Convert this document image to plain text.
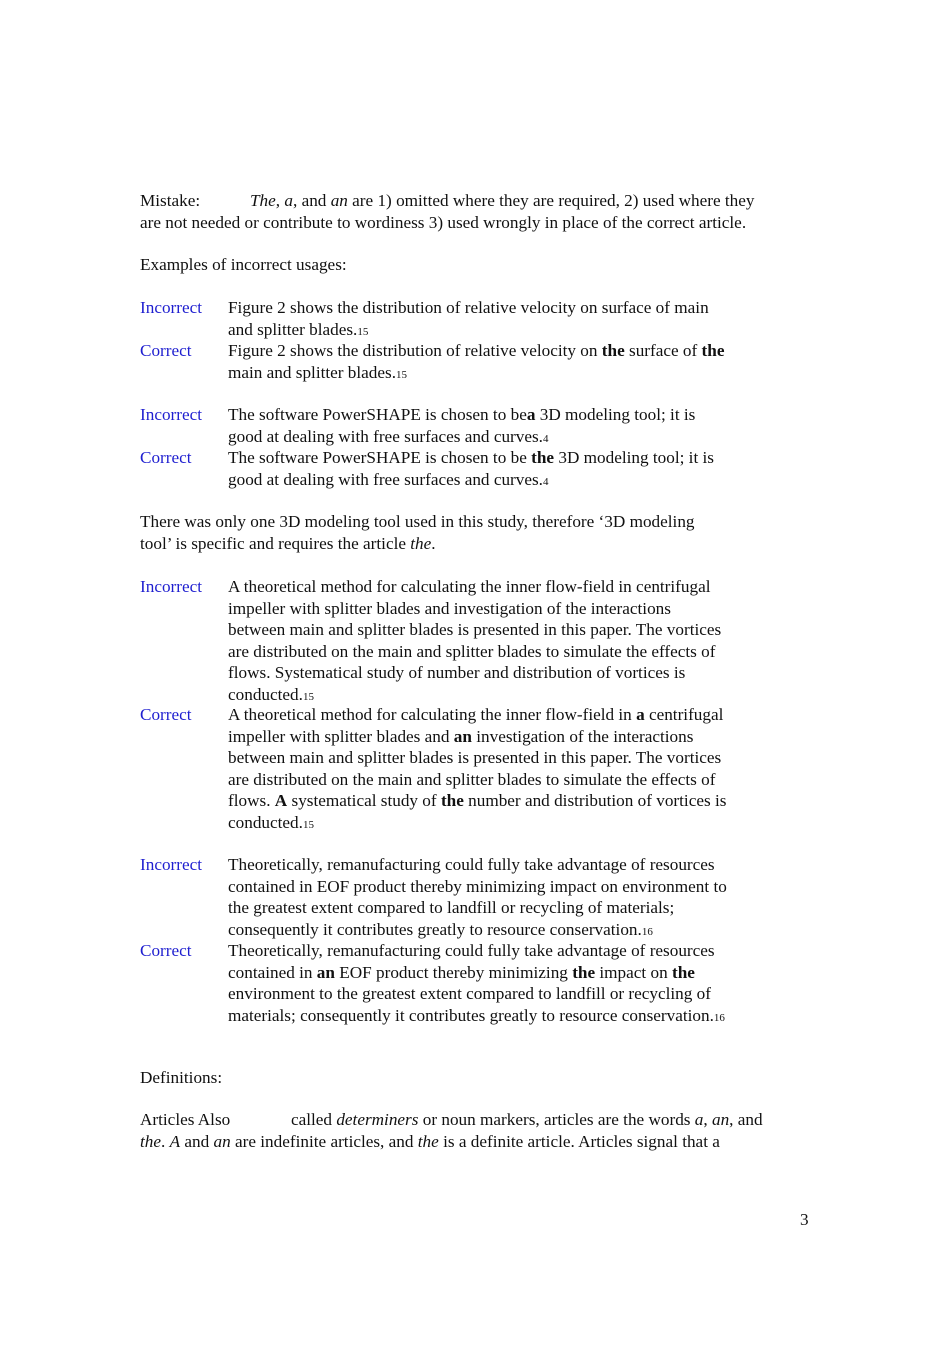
Mistake:	The, a, and an are 1) omitted where they are required, 2) used where they

are not needed or contribute to wordiness 3) used wrongly in place of the correct article.

Examples of incorrect usages:
Incorrect Figure 2 shows the distribution of relative velocity on surface of main
and splitter blades.15
Correct Figure 2 shows the distribution of relative velocity on the surface of the
main and splitter blades.15
Incorrect The software PowerSHAPE is chosen to bea 3D modeling tool; it is
good at dealing with free surfaces and curves.4
Correct The software PowerSHAPE is chosen to be the 3D modeling tool; it is
good at dealing with free surfaces and curves.4

There was only one 3D modeling tool used in this study, therefore ‘3D modeling

tool’ is specific and requires the article the.

Incorrect A theoretical method for calculating the inner flow-field in centrifugal
impeller with splitter blades and investigation of the interactions
between main and splitter blades is presented in this paper. The vortices
are distributed on the main and splitter blades to simulate the effects of
flows. Systematical study of number and distribution of vortices is
conducted.15
Correct A theoretical method for calculating the inner flow-field in a centrifugal
impeller with splitter blades and an investigation of the interactions
between main and splitter blades is presented in this paper. The vortices
are distributed on the main and splitter blades to simulate the effects of
flows. A systematical study of the number and distribution of vortices is
conducted.15
Incorrect Theoretically, remanufacturing could fully take advantage of resources
contained in EOF product thereby minimizing impact on environment to
the greatest extent compared to landfill or recycling of materials;
consequently it contributes greatly to resource conservation.16
Correct Theoretically, remanufacturing could fully take advantage of resources
contained in an EOF product thereby minimizing the impact on the
environment to the greatest extent compared to landfill or recycling of
materials; consequently it contributes greatly to resource conservation.16
Definitions:

Articles Also	called determiners or noun markers, articles are the words a, an, and

the. A and an are indefinite articles, and the is a definite article. Articles signal that a

3
